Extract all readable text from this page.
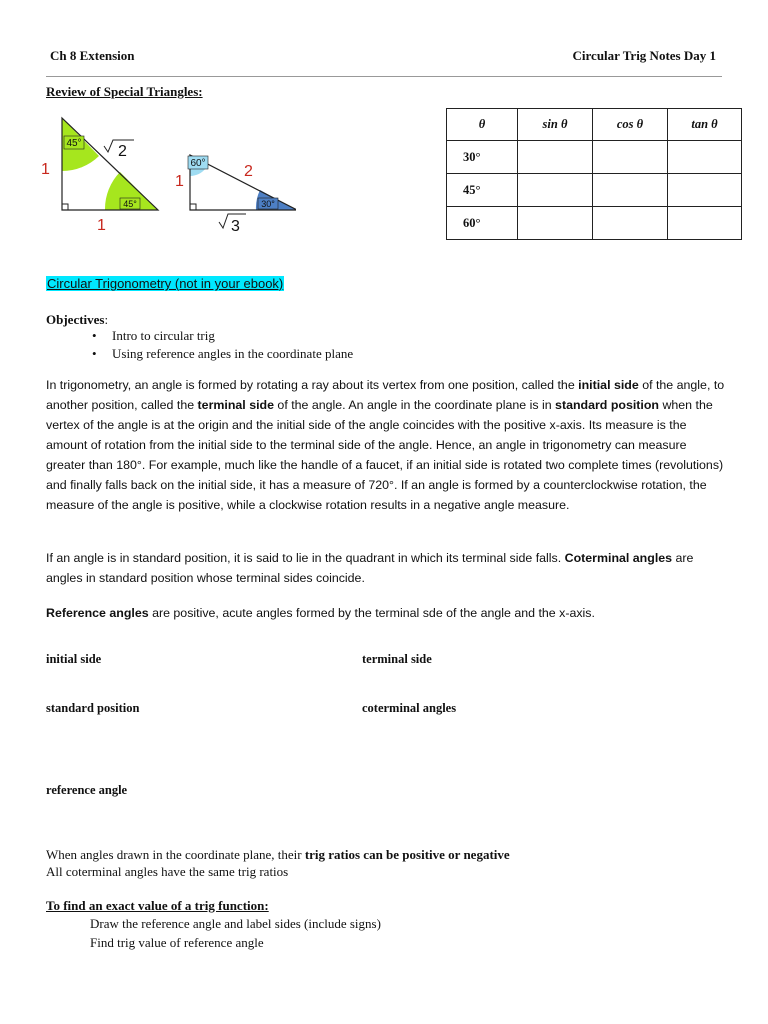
Ch 8 Extension	Circular Trig Notes Day 1
Review of Special Triangles:
45°
45°
1
1
2
60°
30°
1
2
3
θ	sin θ	cos θ	tan θ
30°			
45°			
60°			
Circular Trigonometry (not in your ebook)
Objectives:
• Intro to circular trig
• Using reference angles in the coordinate plane
In trigonometry, an angle is formed by rotating a ray about its vertex from one position, called the initial side of the angle, to another position, called the terminal side of the angle. An angle in the coordinate plane is in standard position when the vertex of the angle is at the origin and the initial side of the angle coincides with the positive x-axis. Its measure is the amount of rotation from the initial side to the terminal side of the angle. Hence, an angle in trigonometry can measure greater than 180°. For example, much like the handle of a faucet, if an initial side is rotated two complete times (revolutions) and finally falls back on the initial side, it has a measure of 720°. If an angle is formed by a counterclockwise rotation, the measure of the angle is positive, while a clockwise rotation results in a negative angle measure.
If an angle is in standard position, it is said to lie in the quadrant in which its terminal side falls. Coterminal angles are angles in standard position whose terminal sides coincide.
Reference angles are positive, acute angles formed by the terminal sde of the angle and the x-axis.
initial side	terminal side
standard position	coterminal angles
reference angle
When angles drawn in the coordinate plane, their trig ratios can be positive or negative
All coterminal angles have the same trig ratios
To find an exact value of a trig function:
Draw the reference angle and label sides (include signs)
Find trig value of reference angle
